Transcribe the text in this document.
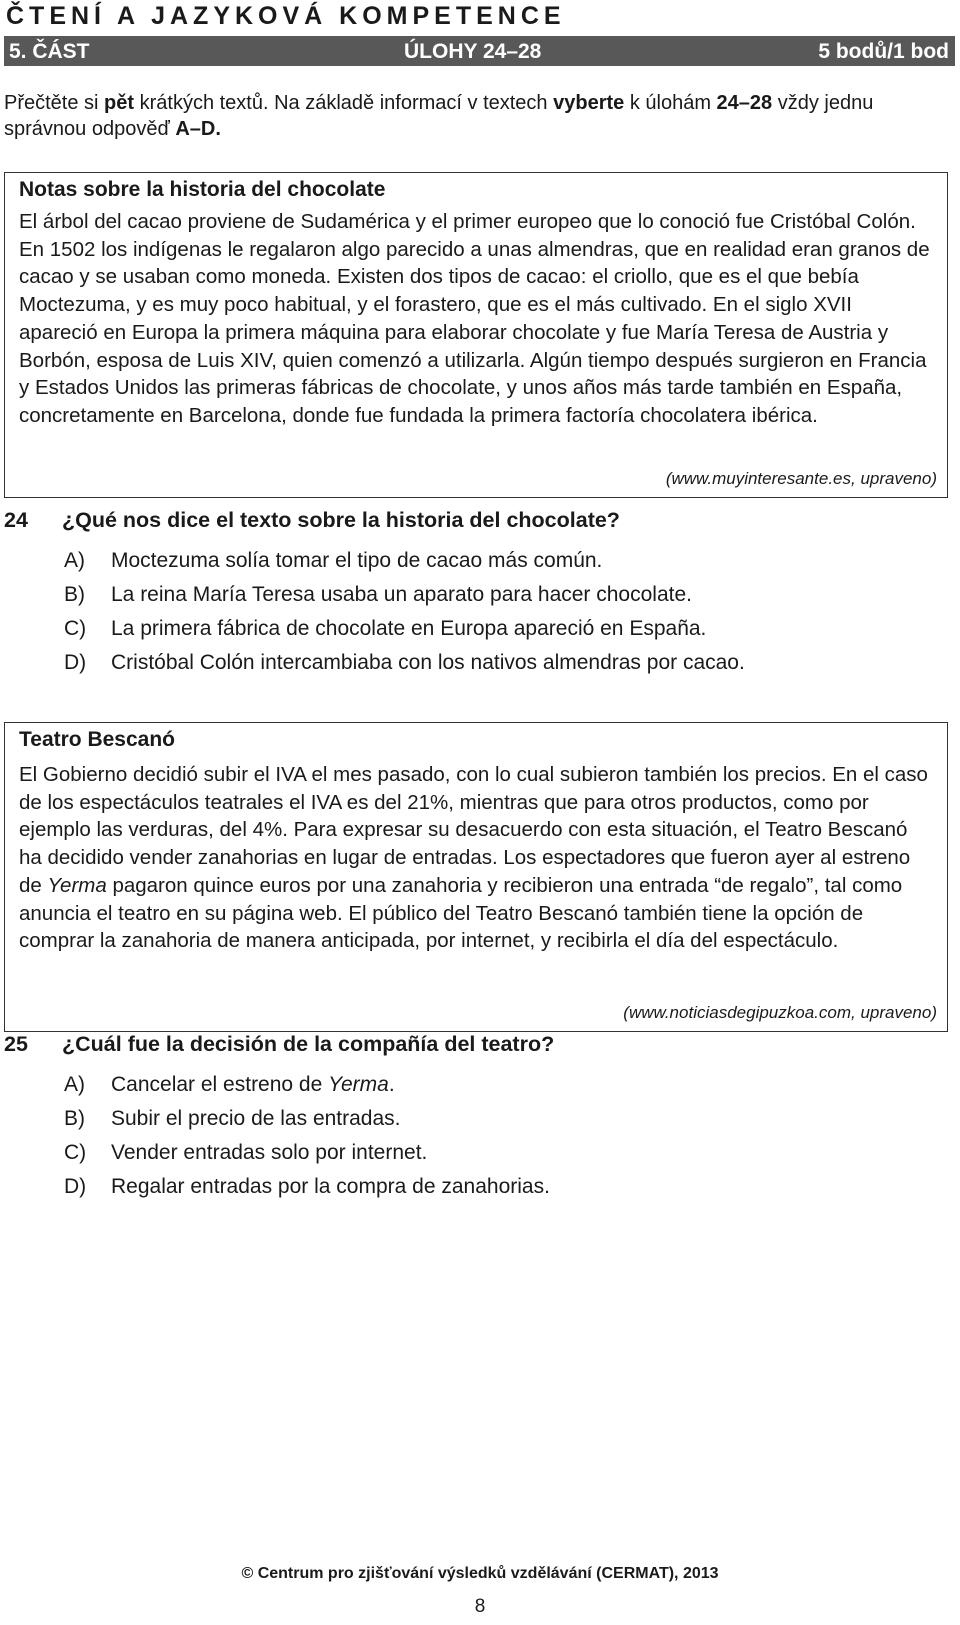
ČTENÍ A JAZYKOVÁ KOMPETENCE
5. ČÁST	ÚLOHY 24–28	5 bodů/1 bod
Přečtěte si pět krátkých textů. Na základě informací v textech vyberte k úlohám 24–28 vždy jednu správnou odpověď A–D.
Notas sobre la historia del chocolate
El árbol del cacao proviene de Sudamérica y el primer europeo que lo conoció fue Cristóbal Colón. En 1502 los indígenas le regalaron algo parecido a unas almendras, que en realidad eran granos de cacao y se usaban como moneda. Existen dos tipos de cacao: el criollo, que es el que bebía Moctezuma, y es muy poco habitual, y el forastero, que es el más cultivado. En el siglo XVII apareció en Europa la primera máquina para elaborar chocolate y fue María Teresa de Austria y Borbón, esposa de Luis XIV, quien comenzó a utilizarla. Algún tiempo después surgieron en Francia y Estados Unidos las primeras fábricas de chocolate, y unos años más tarde también en España, concretamente en Barcelona, donde fue fundada la primera factoría chocolatera ibérica.
(www.muyinteresante.es, upraveno)
24 ¿Qué nos dice el texto sobre la historia del chocolate?
A) Moctezuma solía tomar el tipo de cacao más común.
B) La reina María Teresa usaba un aparato para hacer chocolate.
C) La primera fábrica de chocolate en Europa apareció en España.
D) Cristóbal Colón intercambiaba con los nativos almendras por cacao.
Teatro Bescanó
El Gobierno decidió subir el IVA el mes pasado, con lo cual subieron también los precios. En el caso de los espectáculos teatrales el IVA es del 21%, mientras que para otros productos, como por ejemplo las verduras, del 4%. Para expresar su desacuerdo con esta situación, el Teatro Bescanó ha decidido vender zanahorias en lugar de entradas. Los espectadores que fueron ayer al estreno de Yerma pagaron quince euros por una zanahoria y recibieron una entrada “de regalo”, tal como anuncia el teatro en su página web. El público del Teatro Bescanó también tiene la opción de comprar la zanahoria de manera anticipada, por internet, y recibirla el día del espectáculo.
(www.noticiasdegipuzkoa.com, upraveno)
25 ¿Cuál fue la decisión de la compañía del teatro?
A) Cancelar el estreno de Yerma.
B) Subir el precio de las entradas.
C) Vender entradas solo por internet.
D) Regalar entradas por la compra de zanahorias.
© Centrum pro zjišťování výsledků vzdělávání (CERMAT), 2013
8
